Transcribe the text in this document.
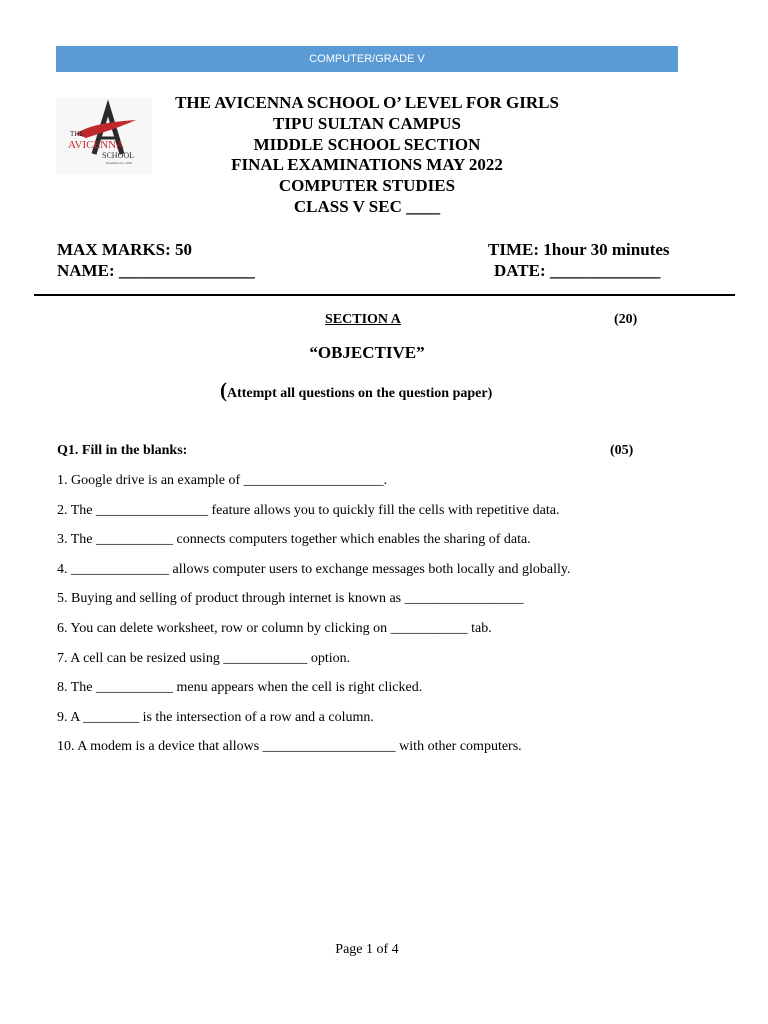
COMPUTER/GRADE V
THE
AVICENNA
SCHOOL
Established in 1994
THE AVICENNA SCHOOL O’ LEVEL FOR GIRLS
TIPU SULTAN CAMPUS
MIDDLE SCHOOL SECTION
FINAL EXAMINATIONS MAY 2022
COMPUTER STUDIES
CLASS V SEC ____
MAX MARKS: 50	TIME: 1hour 30 minutes
NAME: ________________	DATE: _____________
SECTION A	(20)
“OBJECTIVE”
(Attempt all questions on the question paper)
Q1. Fill in the blanks:	(05)
1. Google drive is an example of ____________________.
2. The ________________ feature allows you to quickly fill the cells with repetitive data.
3. The ___________ connects computers together which enables the sharing of data.
4. ______________ allows computer users to exchange messages both locally and globally.
5. Buying and selling of product through internet is known as _________________
6. You can delete worksheet, row or column by clicking on ___________ tab.
7. A cell can be resized using ____________ option.
8. The ___________ menu appears when the cell is right clicked.
9. A ________ is the intersection of a row and a column.
10. A modem is a device that allows ___________________ with other computers.
Page 1 of 4
